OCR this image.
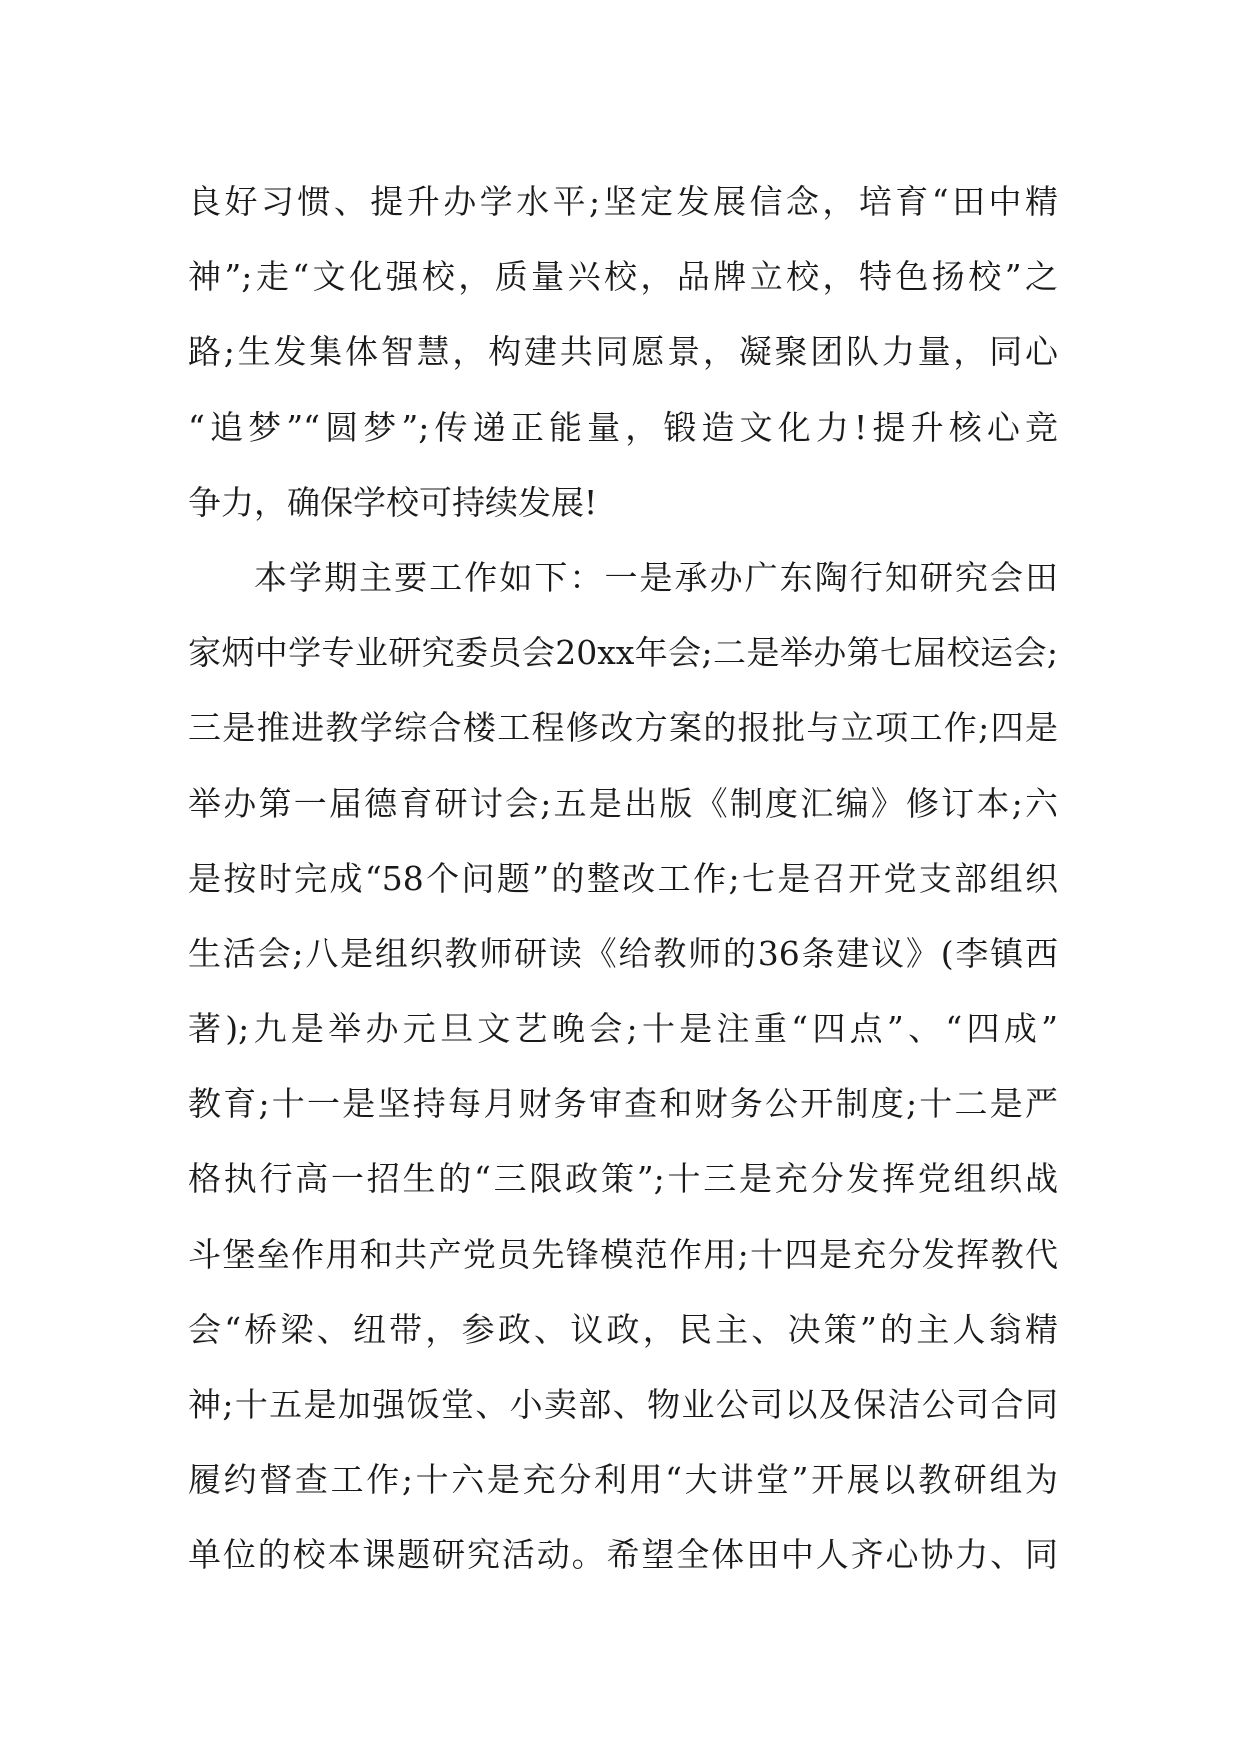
良好习惯、提升办学水平;坚定发展信念，培育“田中精
神”;走“文化强校，质量兴校，品牌立校，特色扬校”之
路;生发集体智慧，构建共同愿景，凝聚团队力量，同心
“追梦”“圆梦”;传递正能量，锻造文化力!提升核心竞
争力，确保学校可持续发展!
本学期主要工作如下：一是承办广东陶行知研究会田
家炳中学专业研究委员会20xx年会;二是举办第七届校运会;
三是推进教学综合楼工程修改方案的报批与立项工作;四是
举办第一届德育研讨会;五是出版《制度汇编》修订本;六
是按时完成“58个问题”的整改工作;七是召开党支部组织
生活会;八是组织教师研读《给教师的36条建议》(李镇西
著);九是举办元旦文艺晚会;十是注重“四点”、“四成”
教育;十一是坚持每月财务审查和财务公开制度;十二是严
格执行高一招生的“三限政策”;十三是充分发挥党组织战
斗堡垒作用和共产党员先锋模范作用;十四是充分发挥教代
会“桥梁、纽带，参政、议政，民主、决策”的主人翁精
神;十五是加强饭堂、小卖部、物业公司以及保洁公司合同
履约督查工作;十六是充分利用“大讲堂”开展以教研组为
单位的校本课题研究活动。希望全体田中人齐心协力、同
